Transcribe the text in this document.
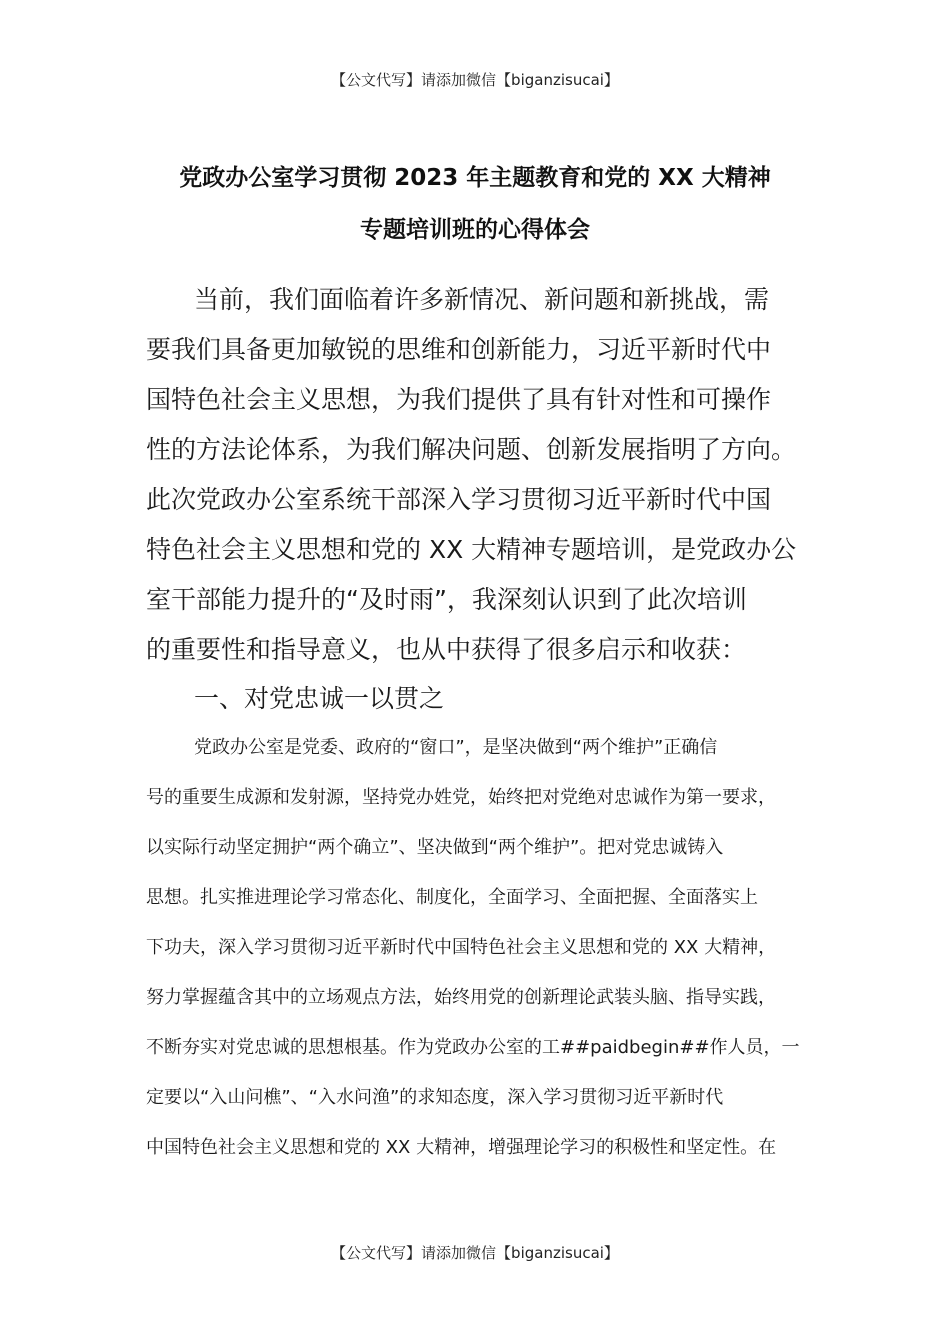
【公文代写】请添加微信【biganzisucai】
党政办公室学习贯彻 2023 年主题教育和党的 XX 大精神
专题培训班的心得体会
当前，我们面临着许多新情况、新问题和新挑战，需
要我们具备更加敏锐的思维和创新能力，习近平新时代中
国特色社会主义思想，为我们提供了具有针对性和可操作
性的方法论体系，为我们解决问题、创新发展指明了方向。
此次党政办公室系统干部深入学习贯彻习近平新时代中国
特色社会主义思想和党的 XX 大精神专题培训，是党政办公
室干部能力提升的“及时雨”，我深刻认识到了此次培训
的重要性和指导意义，也从中获得了很多启示和收获：
一、对党忠诚一以贯之
党政办公室是党委、政府的“窗口”，是坚决做到“两个维护”正确信
号的重要生成源和发射源，坚持党办姓党，始终把对党绝对忠诚作为第一要求，
以实际行动坚定拥护“两个确立”、坚决做到“两个维护”。把对党忠诚铸入
思想。扎实推进理论学习常态化、制度化，全面学习、全面把握、全面落实上
下功夫，深入学习贯彻习近平新时代中国特色社会主义思想和党的 XX 大精神，
努力掌握蕴含其中的立场观点方法，始终用党的创新理论武装头脑、指导实践，
不断夯实对党忠诚的思想根基。作为党政办公室的工##paidbegin##作人员，一
定要以“入山问樵”、“入水问渔”的求知态度，深入学习贯彻习近平新时代
中国特色社会主义思想和党的 XX 大精神，增强理论学习的积极性和坚定性。在
【公文代写】请添加微信【biganzisucai】
